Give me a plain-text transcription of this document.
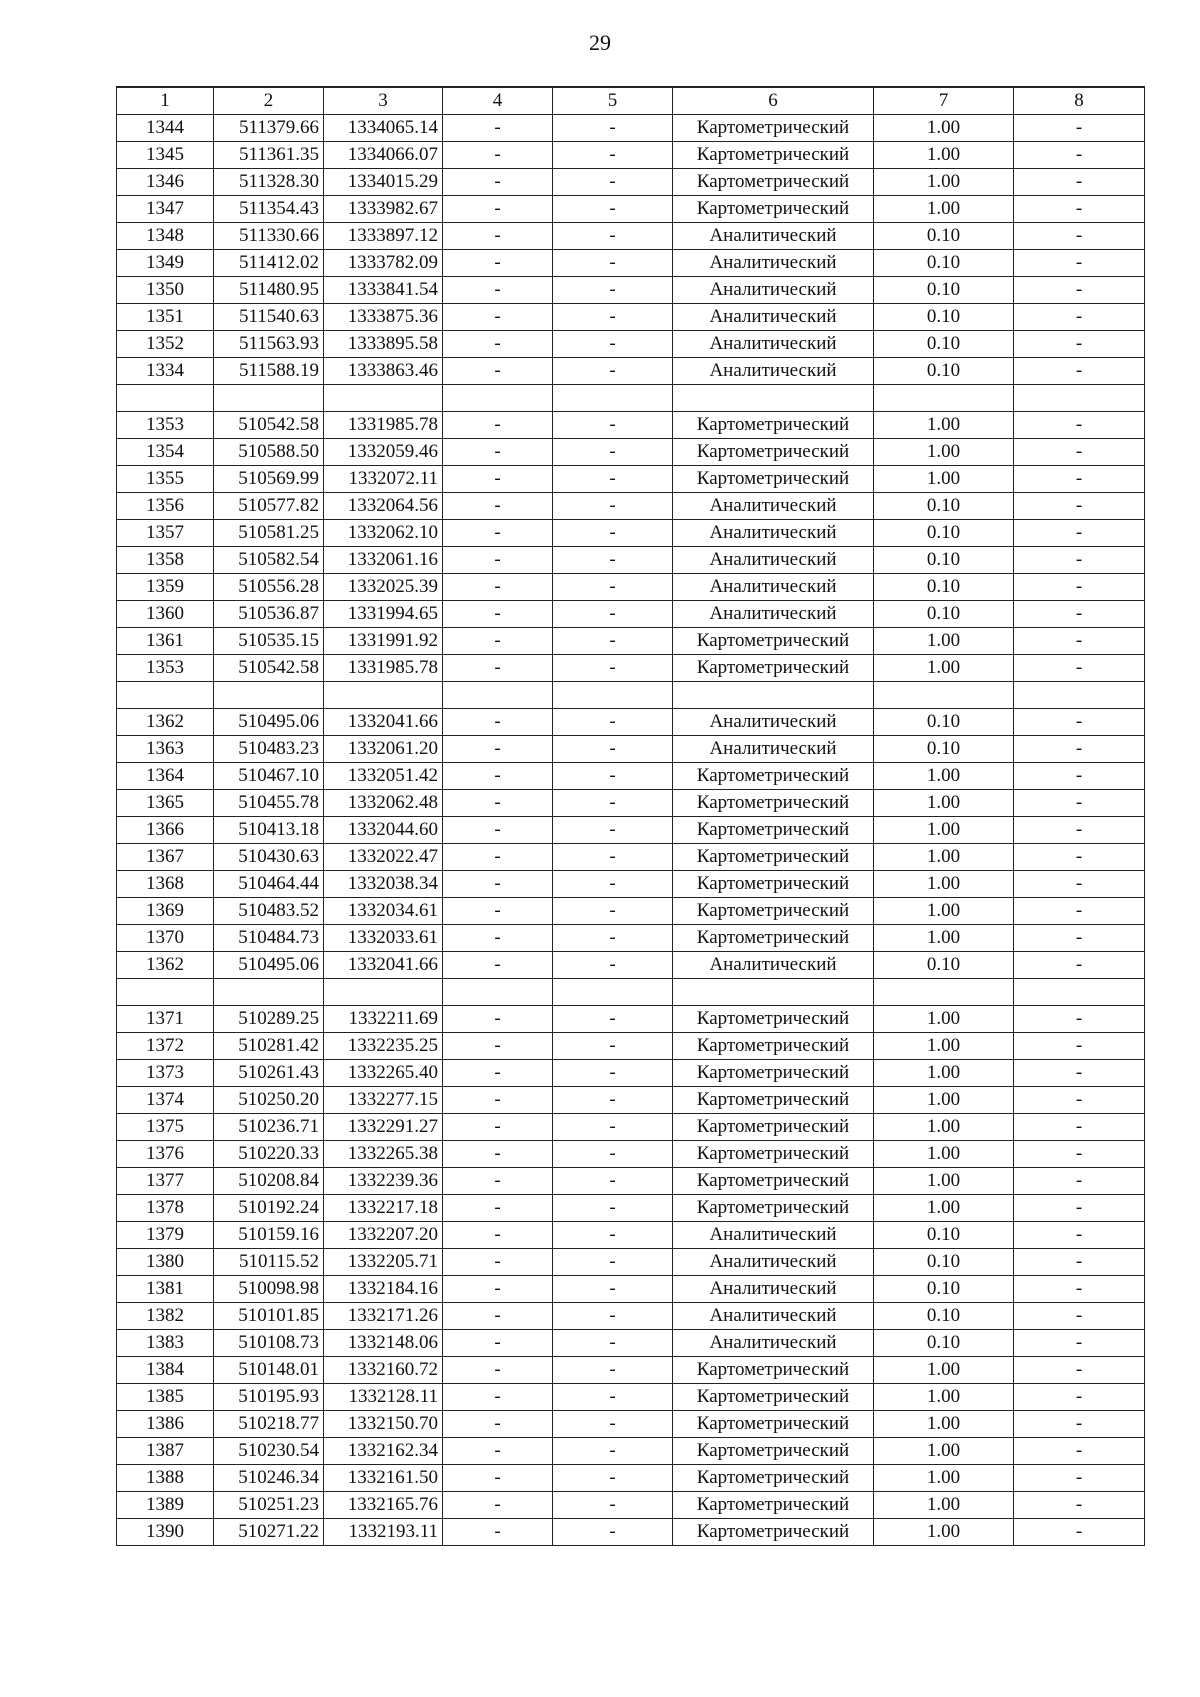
29
1	2	3	4	5	6	7	8
1344	511379.66	1334065.14	-	-	Картометрический	1.00	-
1345	511361.35	1334066.07	-	-	Картометрический	1.00	-
1346	511328.30	1334015.29	-	-	Картометрический	1.00	-
1347	511354.43	1333982.67	-	-	Картометрический	1.00	-
1348	511330.66	1333897.12	-	-	Аналитический	0.10	-
1349	511412.02	1333782.09	-	-	Аналитический	0.10	-
1350	511480.95	1333841.54	-	-	Аналитический	0.10	-
1351	511540.63	1333875.36	-	-	Аналитический	0.10	-
1352	511563.93	1333895.58	-	-	Аналитический	0.10	-
1334	511588.19	1333863.46	-	-	Аналитический	0.10	-

1353	510542.58	1331985.78	-	-	Картометрический	1.00	-
1354	510588.50	1332059.46	-	-	Картометрический	1.00	-
1355	510569.99	1332072.11	-	-	Картометрический	1.00	-
1356	510577.82	1332064.56	-	-	Аналитический	0.10	-
1357	510581.25	1332062.10	-	-	Аналитический	0.10	-
1358	510582.54	1332061.16	-	-	Аналитический	0.10	-
1359	510556.28	1332025.39	-	-	Аналитический	0.10	-
1360	510536.87	1331994.65	-	-	Аналитический	0.10	-
1361	510535.15	1331991.92	-	-	Картометрический	1.00	-
1353	510542.58	1331985.78	-	-	Картометрический	1.00	-

1362	510495.06	1332041.66	-	-	Аналитический	0.10	-
1363	510483.23	1332061.20	-	-	Аналитический	0.10	-
1364	510467.10	1332051.42	-	-	Картометрический	1.00	-
1365	510455.78	1332062.48	-	-	Картометрический	1.00	-
1366	510413.18	1332044.60	-	-	Картометрический	1.00	-
1367	510430.63	1332022.47	-	-	Картометрический	1.00	-
1368	510464.44	1332038.34	-	-	Картометрический	1.00	-
1369	510483.52	1332034.61	-	-	Картометрический	1.00	-
1370	510484.73	1332033.61	-	-	Картометрический	1.00	-
1362	510495.06	1332041.66	-	-	Аналитический	0.10	-

1371	510289.25	1332211.69	-	-	Картометрический	1.00	-
1372	510281.42	1332235.25	-	-	Картометрический	1.00	-
1373	510261.43	1332265.40	-	-	Картометрический	1.00	-
1374	510250.20	1332277.15	-	-	Картометрический	1.00	-
1375	510236.71	1332291.27	-	-	Картометрический	1.00	-
1376	510220.33	1332265.38	-	-	Картометрический	1.00	-
1377	510208.84	1332239.36	-	-	Картометрический	1.00	-
1378	510192.24	1332217.18	-	-	Картометрический	1.00	-
1379	510159.16	1332207.20	-	-	Аналитический	0.10	-
1380	510115.52	1332205.71	-	-	Аналитический	0.10	-
1381	510098.98	1332184.16	-	-	Аналитический	0.10	-
1382	510101.85	1332171.26	-	-	Аналитический	0.10	-
1383	510108.73	1332148.06	-	-	Аналитический	0.10	-
1384	510148.01	1332160.72	-	-	Картометрический	1.00	-
1385	510195.93	1332128.11	-	-	Картометрический	1.00	-
1386	510218.77	1332150.70	-	-	Картометрический	1.00	-
1387	510230.54	1332162.34	-	-	Картометрический	1.00	-
1388	510246.34	1332161.50	-	-	Картометрический	1.00	-
1389	510251.23	1332165.76	-	-	Картометрический	1.00	-
1390	510271.22	1332193.11	-	-	Картометрический	1.00	-
